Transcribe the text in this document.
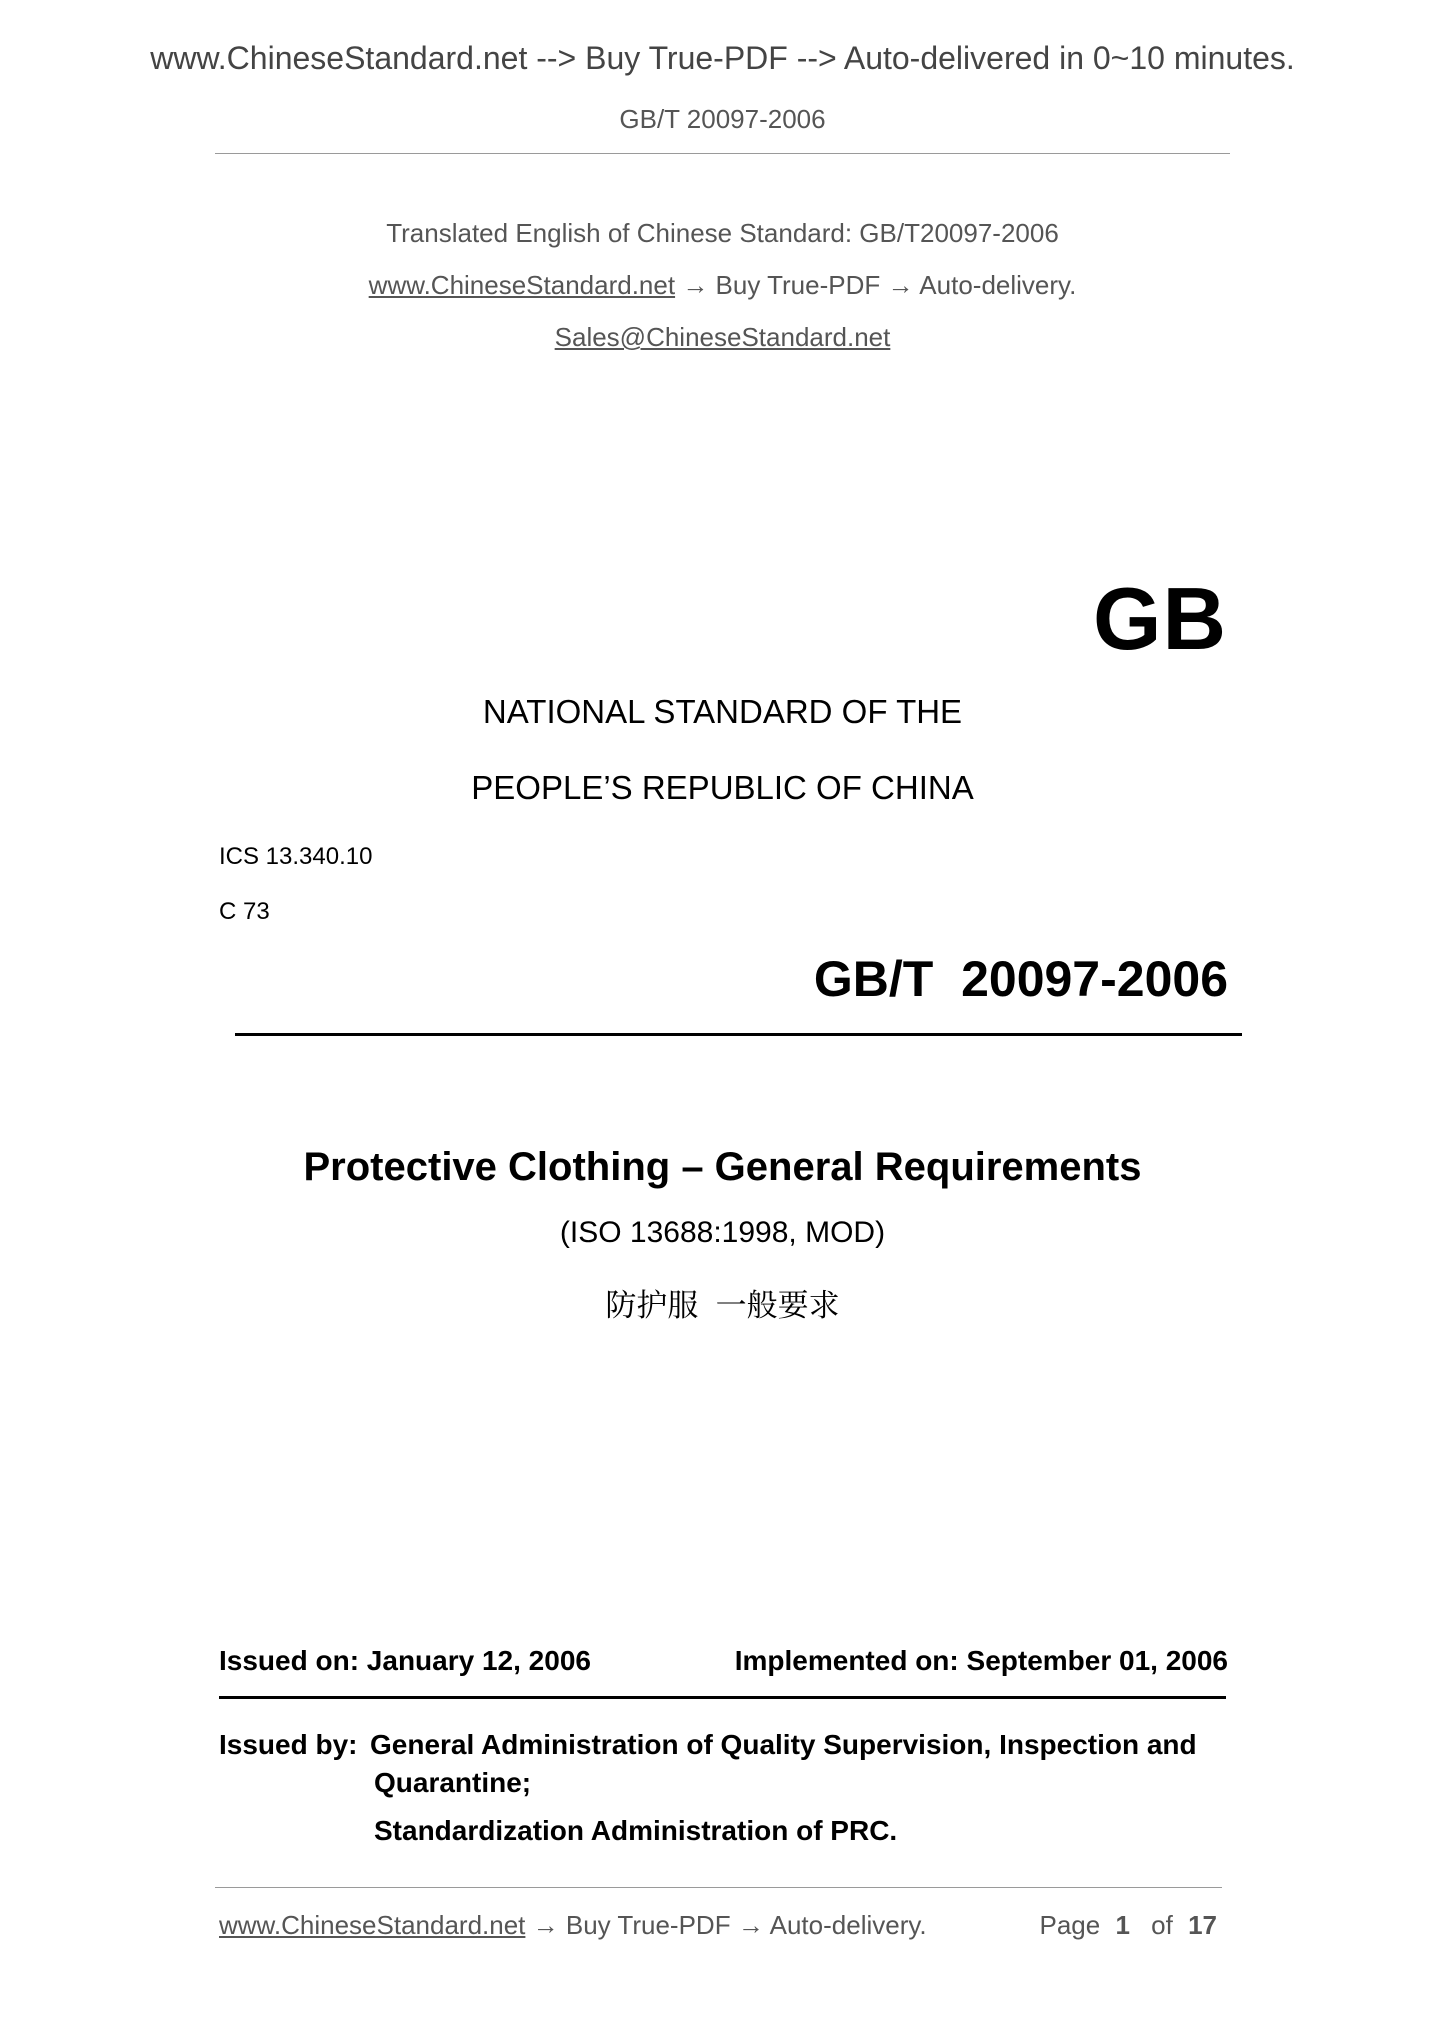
www.ChineseStandard.net --> Buy True-PDF --> Auto-delivered in 0~10 minutes.
GB/T 20097-2006
Translated English of Chinese Standard: GB/T20097-2006
www.ChineseStandard.net → Buy True-PDF → Auto-delivery.
Sales@ChineseStandard.net
GB
NATIONAL STANDARD OF THE
PEOPLE’S REPUBLIC OF CHINA
ICS 13.340.10
C 73
GB/T  20097-2006
Protective Clothing – General Requirements
(ISO 13688:1998, MOD)
防护服  一般要求
Issued on: January 12, 2006	Implemented on: September 01, 2006
Issued by: General Administration of Quality Supervision, Inspection and
Quarantine;
Standardization Administration of PRC.
www.ChineseStandard.net → Buy True-PDF → Auto-delivery.	Page 1 of 17
